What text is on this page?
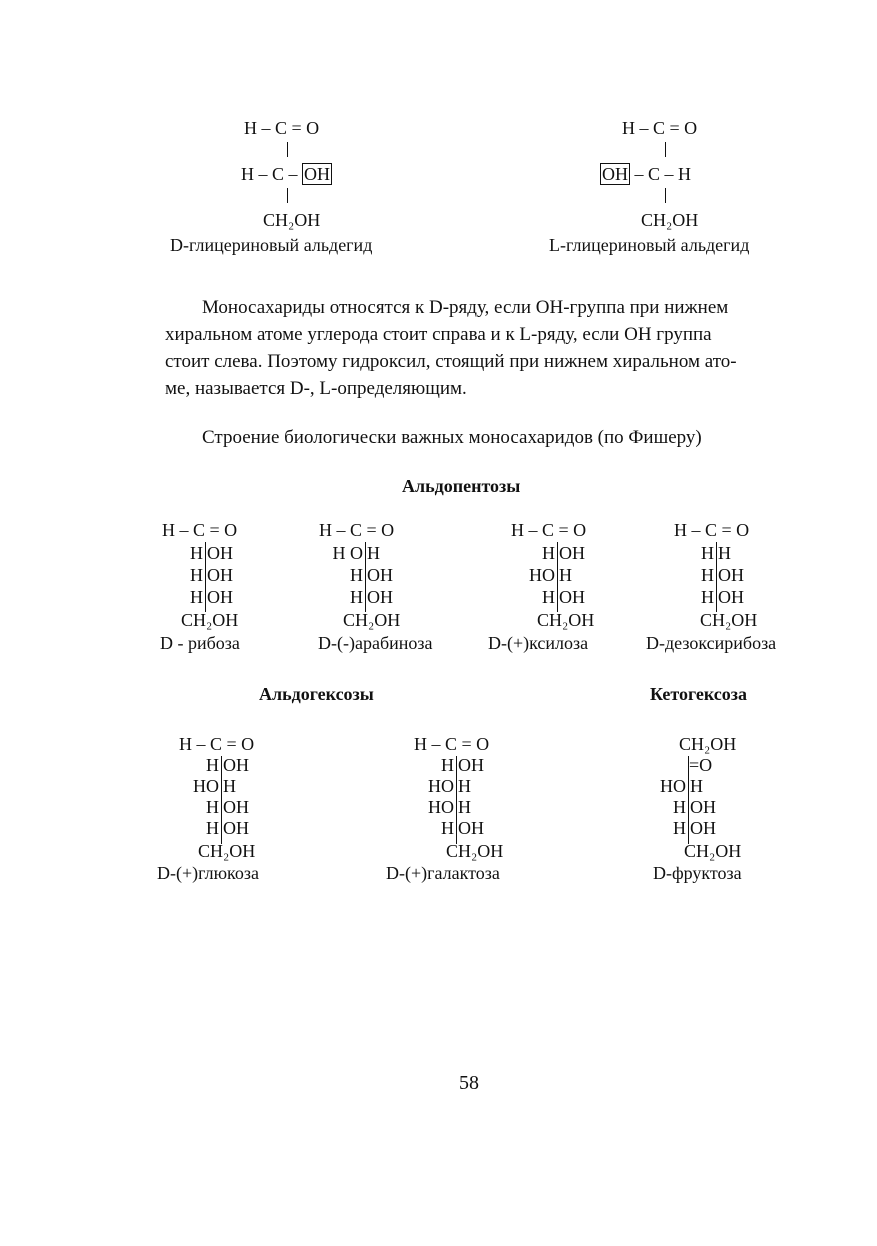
H – C = O
H – C – OH
CH₂OH
D-глицериновый альдегид
H – C = O
OH – C – H
CH₂OH
L-глицериновый альдегид
Моносахариды относятся к D-ряду, если OH-группа при нижнем
хиральном атоме углерода стоит справа и к L-ряду, если OH группа
стоит слева. Поэтому гидроксил, стоящий при нижнем хиральном ато-
ме, называется D-, L-определяющим.
Строение биологически важных моносахаридов (по Фишеру)
Альдопентозы
H – C = O
H OH
H OH
H OH
CH₂OH
D - рибоза
H – C = O
H O H
H OH
H OH
CH₂OH
D-(-)арабиноза
H – C = O
H OH
HO H
H OH
CH₂OH
D-(+)ксилоза
H – C = O
H H
H OH
H OH
CH₂OH
D-дезоксирибоза
Альдогексозы	Кетогексоза
H – C = O
H OH
HO H
H OH
H OH
CH₂OH
D-(+)глюкоза
H – C = O
H OH
HO H
HO H
H OH
CH₂OH
D-(+)галактоза
CH₂OH
=O
HO H
H OH
H OH
CH₂OH
D-фруктоза
58
